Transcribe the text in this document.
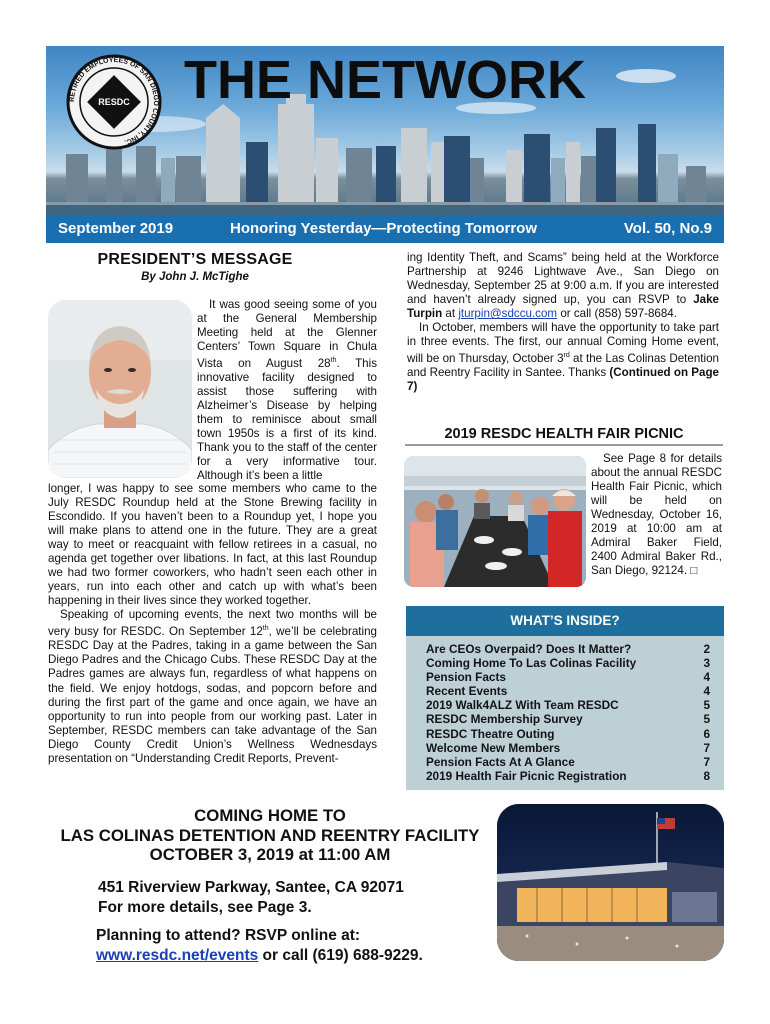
RETIRED EMPLOYEES OF SAN DIEGO COUNTY, INC.
RESDC THE NETWORK
September 2019	Honoring Yesterday—Protecting Tomorrow	Vol. 50, No.9
PRESIDENT’S MESSAGE
By John J. McTighe
It was good seeing some of you at the General Membership Meeting held at the Glenner Centers’ Town Square in Chula Vista on August 28th. This innovative facility designed to assist those suffering with Alzheimer’s Disease by helping them to reminisce about small town 1950s is a first of its kind. Thank you to the staff of the center for a very informative tour. Although it’s been a little

longer, I was happy to see some members who came to the July RESDC Roundup held at the Stone Brewing facility in Escondido. If you haven’t been to a Roundup yet, I hope you will make plans to attend one in the future. They are a great way to meet or reacquaint with fellow retirees in a casual, no agenda get together over libations. In fact, at this last Roundup we had two former coworkers, who hadn’t seen each other in years, run into each other and catch up with what’s been happening in their lives since they worked together.

Speaking of upcoming events, the next two months will be very busy for RESDC. On September 12th, we’ll be celebrating RESDC Day at the Padres, taking in a game between the San Diego Padres and the Chicago Cubs. These RESDC Day at the Padres games are always fun, regardless of what happens on the field. We enjoy hotdogs, sodas, and popcorn before and during the first part of the game and once again, we have an opportunity to run into people from our working past. Later in September, RESDC members can take advantage of the San Diego County Credit Union’s Wellness Wednesdays presentation on “Understanding Credit Reports, Prevent-

ing Identity Theft, and Scams” being held at the Workforce Partnership at 9246 Lightwave Ave., San Diego on Wednesday, September 25 at 9:00 a.m. If you are interested and haven’t already signed up, you can RSVP to Jake Turpin at jturpin@sdccu.com or call (858) 597-8684.

In October, members will have the opportunity to take part in three events. The first, our annual Coming Home event, will be on Thursday, October 3rd at the Las Colinas Detention and Reentry Facility in Santee. Thanks (Continued on Page 7)

2019 RESDC HEALTH FAIR PICNIC
See Page 8 for details about the annual RESDC Health Fair Picnic, which will be held on Wednesday, October 16, 2019 at 10:00 am at Admiral Baker Field, 2400 Admiral Baker Rd., San Diego, 92124. □
WHAT’S INSIDE?
Are CEOs Overpaid? Does It Matter?	2
Coming Home To Las Colinas Facility	3
Pension Facts	4
Recent Events	4
2019 Walk4ALZ With Team RESDC	5
RESDC Membership Survey	5
RESDC Theatre Outing	6
Welcome New Members	7
Pension Facts At A Glance	7
2019 Health Fair Picnic Registration	8
COMING HOME TO
LAS COLINAS DETENTION AND REENTRY FACILITY
OCTOBER 3, 2019 at 11:00 AM
451 Riverview Parkway, Santee, CA 92071
For more details, see Page 3.
Planning to attend? RSVP online at:
www.resdc.net/events or call (619) 688-9229.
